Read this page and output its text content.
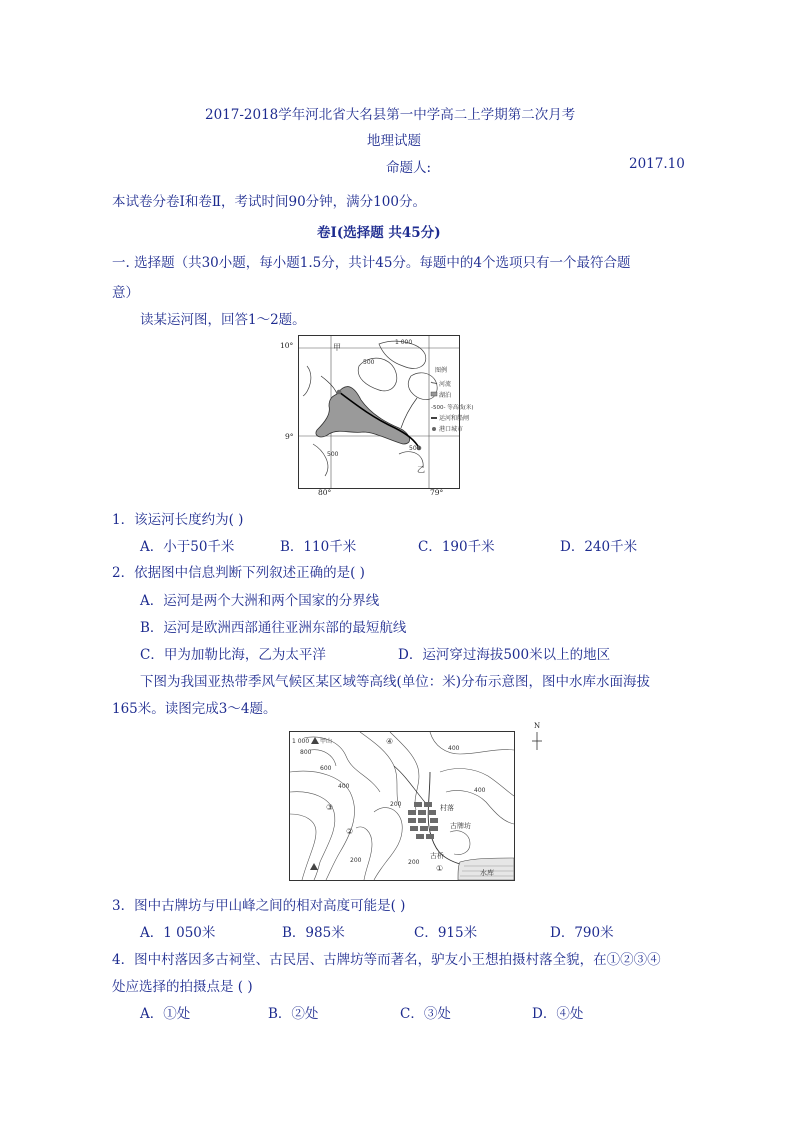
2017-2018学年河北省大名县第一中学高二上学期第二次月考
地理试题
命题人:	2017.10
本试卷分卷Ⅰ和卷Ⅱ，考试时间90分钟，满分100分。
卷Ⅰ(选择题 共45分)
一. 选择题（共30小题，每小题1.5分，共计45分。每题中的4个选项只有一个最符合题
意）
读某运河图，回答1～2题。
甲
乙
1 000
500
500
500
图例
河流
湖泊
-500- 等高线(米)
运河和船闸
港口城市
10°
9°
80°	79°
1．该运河长度约为( )
A．小于50千米	B．110千米	C．190千米	D．240千米
2．依据图中信息判断下列叙述正确的是( )
A．运河是两个大洲和两个国家的分界线
B．运河是欧洲西部通往亚洲东部的最短航线
C．甲为加勒比海，乙为太平洋	D．运河穿过海拔500米以上的地区
下图为我国亚热带季风气候区某区域等高线(单位：米)分布示意图，图中水库水面海拔
165米。读图完成3～4题。
1 000 甲山
800
600
400
400
400
200
200	200
村落
古牌坊
古桥
水库
③
②
①
④
N
3．图中古牌坊与甲山峰之间的相对高度可能是( )
A．1 050米	B．985米	C．915米	D．790米
4．图中村落因多古祠堂、古民居、古牌坊等而著名，驴友小王想拍摄村落全貌，在①②③④
处应选择的拍摄点是 ( )
A．①处	B．②处	C．③处	D．④处
